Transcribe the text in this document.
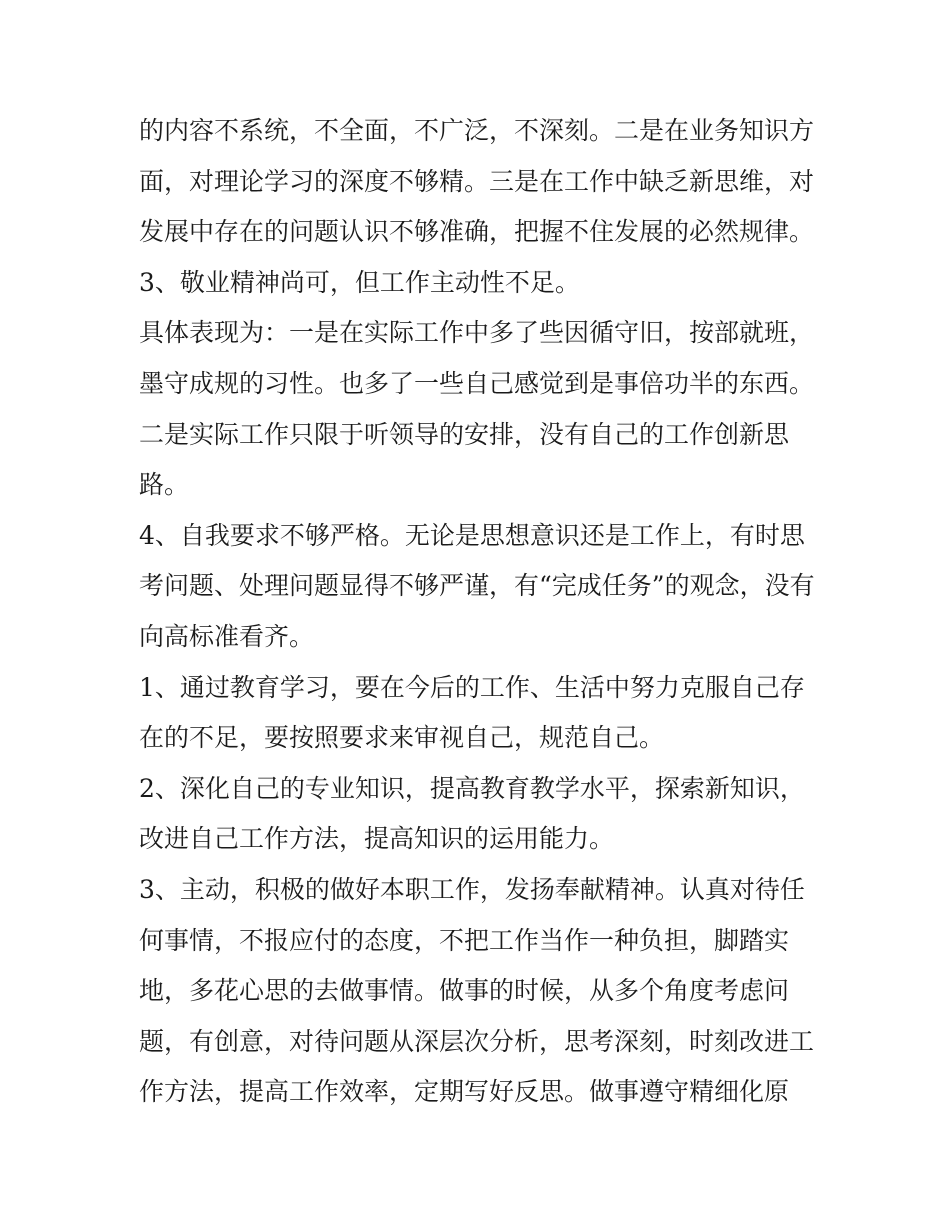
的内容不系统，不全面，不广泛，不深刻。二是在业务知识方
面，对理论学习的深度不够精。三是在工作中缺乏新思维，对
发展中存在的问题认识不够准确，把握不住发展的必然规律。
3、敬业精神尚可，但工作主动性不足。
具体表现为：一是在实际工作中多了些因循守旧，按部就班，
墨守成规的习性。也多了一些自己感觉到是事倍功半的东西。
二是实际工作只限于听领导的安排，没有自己的工作创新思
路。
4、自我要求不够严格。无论是思想意识还是工作上，有时思
考问题、处理问题显得不够严谨，有“完成任务”的观念，没有
向高标准看齐。
1、通过教育学习，要在今后的工作、生活中努力克服自己存
在的不足，要按照要求来审视自己，规范自己。
2、深化自己的专业知识，提高教育教学水平，探索新知识，
改进自己工作方法，提高知识的运用能力。
3、主动，积极的做好本职工作，发扬奉献精神。认真对待任
何事情，不报应付的态度，不把工作当作一种负担，脚踏实
地，多花心思的去做事情。做事的时候，从多个角度考虑问
题，有创意，对待问题从深层次分析，思考深刻，时刻改进工
作方法，提高工作效率，定期写好反思。做事遵守精细化原
